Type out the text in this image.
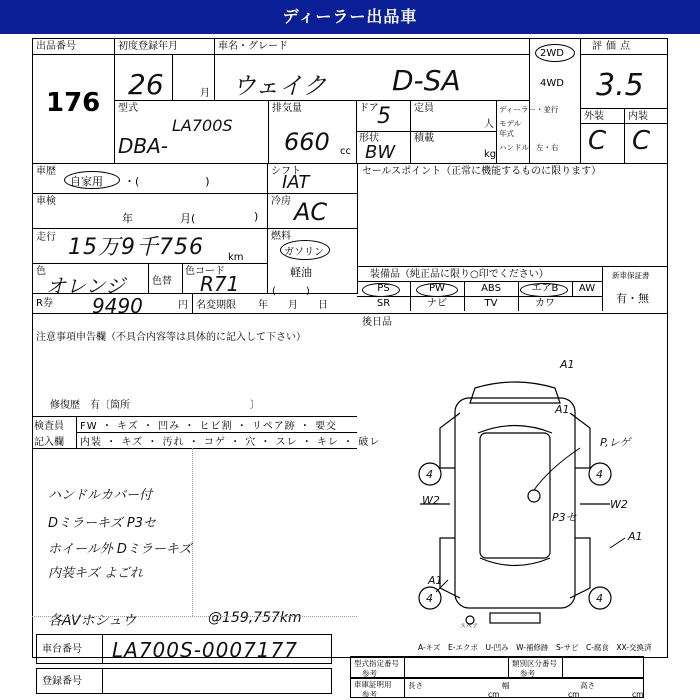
ディーラー出品車
出品番号
176
初度登録年月
26	月
車名・グレード
ウェイク D-SA
2WD
4WD
評価点
3.5
型式
LA700S
DBA-
排気量
660 cc
ドア
5 定員
人
形状
BW
積載
kg
ディーラー・並行
モデル
年式
ハンドル 左・右
外装 内装
C C
車歴
自家用 ・(　　　　　　)
シフト
IAT
車検
年	月(	)
冷房 AC
走行 15万9千756 km
燃料
ガソリン
軽油
(　　　)
色
オレンジ	色替
色コード
R71
セールスポイント（正常に機能するものに限ります）
装備品（純正品に限り○印でください）	新車保証書
有・無
PS	PW	ABS	エアB	AW
SR	ナビ	TV	カワ
R券 9490	円 名変期限 年　　月　　日
後日品
注意事項申告欄（不具合内容等は具体的に記入して下さい）
修復歴　有〔箇所　　　　　　　　　　　　〕
検査員
記入欄
FW ・ キズ ・ 凹み ・ ヒビ割 ・ リペア跡 ・ 要交
内装 ・ キズ ・ 汚れ ・ コゲ ・ 穴 ・ スレ ・ キレ ・ 破レ
ハンドルカバー付
Dミラーキズ P3セ
ホイール外 Dミラーキズ
内装キズ よごれ
各AVホシュウ	@159,757km
A1
A1
P,レゲ
W2	W2
P3セ
A1
A1
4	4
4	4
スペア
A-キズ　E-エクボ　U-凹み　W-補修跡　S-サビ　C-腐食　XX-交換済
車台番号 LA700S-0007177
型式指定番号
参考
類別区分番号
参考
登録番号	車庫証明用
参考
長さ
cm
幅
cm
高さ
cm
